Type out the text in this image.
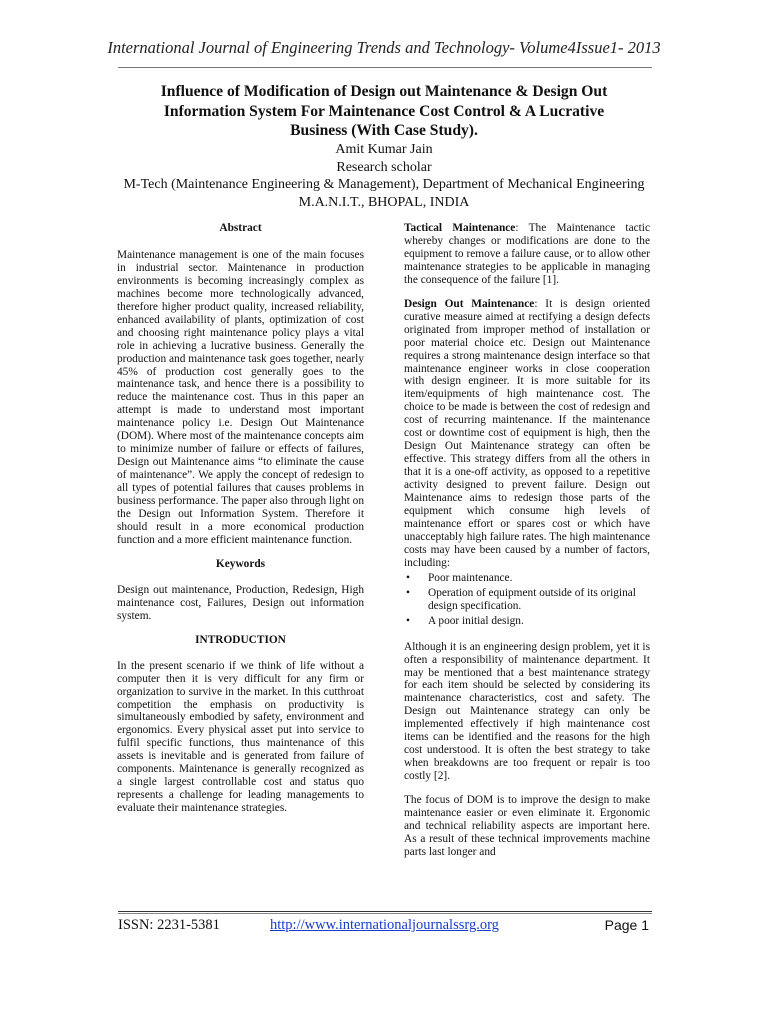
International Journal of Engineering Trends and Technology- Volume4Issue1- 2013
Influence of Modification of Design out Maintenance & Design Out
Information System For Maintenance Cost Control & A Lucrative
Business (With Case Study).
Amit Kumar Jain
Research scholar
M-Tech (Maintenance Engineering & Management), Department of Mechanical Engineering
M.A.N.I.T., BHOPAL, INDIA
Abstract

Maintenance management is one of the main focuses in industrial sector. Maintenance in production environments is becoming increasingly complex as machines become more technologically advanced, therefore higher product quality, increased reliability, enhanced availability of plants, optimization of cost and choosing right maintenance policy plays a vital role in achieving a lucrative business. Generally the production and maintenance task goes together, nearly 45% of production cost generally goes to the maintenance task, and hence there is a possibility to reduce the maintenance cost. Thus in this paper an attempt is made to understand most important maintenance policy i.e. Design Out Maintenance (DOM). Where most of the maintenance concepts aim to minimize number of failure or effects of failures, Design out Maintenance aims “to eliminate the cause of maintenance”. We apply the concept of redesign to all types of potential failures that causes problems in business performance. The paper also through light on the Design out Information System. Therefore it should result in a more economical production function and a more efficient maintenance function.

Keywords

Design out maintenance, Production, Redesign, High maintenance cost, Failures, Design out information system.

INTRODUCTION

In the present scenario if we think of life without a computer then it is very difficult for any firm or organization to survive in the market. In this cutthroat competition the emphasis on productivity is simultaneously embodied by safety, environment and ergonomics. Every physical asset put into service to fulfil specific functions, thus maintenance of this assets is inevitable and is generated from failure of components. Maintenance is generally recognized as a single largest controllable cost and status quo represents a challenge for leading managements to evaluate their maintenance strategies.

Tactical Maintenance: The Maintenance tactic whereby changes or modifications are done to the equipment to remove a failure cause, or to allow other maintenance strategies to be applicable in managing the consequence of the failure [1].

Design Out Maintenance: It is design oriented curative measure aimed at rectifying a design defects originated from improper method of installation or poor material choice etc. Design out Maintenance requires a strong maintenance design interface so that maintenance engineer works in close cooperation with design engineer. It is more suitable for its item/equipments of high maintenance cost. The choice to be made is between the cost of redesign and cost of recurring maintenance. If the maintenance cost or downtime cost of equipment is high, then the Design Out Maintenance strategy can often be effective. This strategy differs from all the others in that it is a one-off activity, as opposed to a repetitive activity designed to prevent failure. Design out Maintenance aims to redesign those parts of the equipment which consume high levels of maintenance effort or spares cost or which have unacceptably high failure rates. The high maintenance costs may have been caused by a number of factors, including:

• Poor maintenance.
• Operation of equipment outside of its original design specification.
• A poor initial design.

Although it is an engineering design problem, yet it is often a responsibility of maintenance department. It may be mentioned that a best maintenance strategy for each item should be selected by considering its maintenance characteristics, cost and safety. The Design out Maintenance strategy can only be implemented effectively if high maintenance cost items can be identified and the reasons for the high cost understood. It is often the best strategy to take when breakdowns are too frequent or repair is too costly [2].

The focus of DOM is to improve the design to make maintenance easier or even eliminate it. Ergonomic and technical reliability aspects are important here. As a result of these technical improvements machine parts last longer and

ISSN: 2231-5381	http://www.internationaljournalssrg.org	Page 1
